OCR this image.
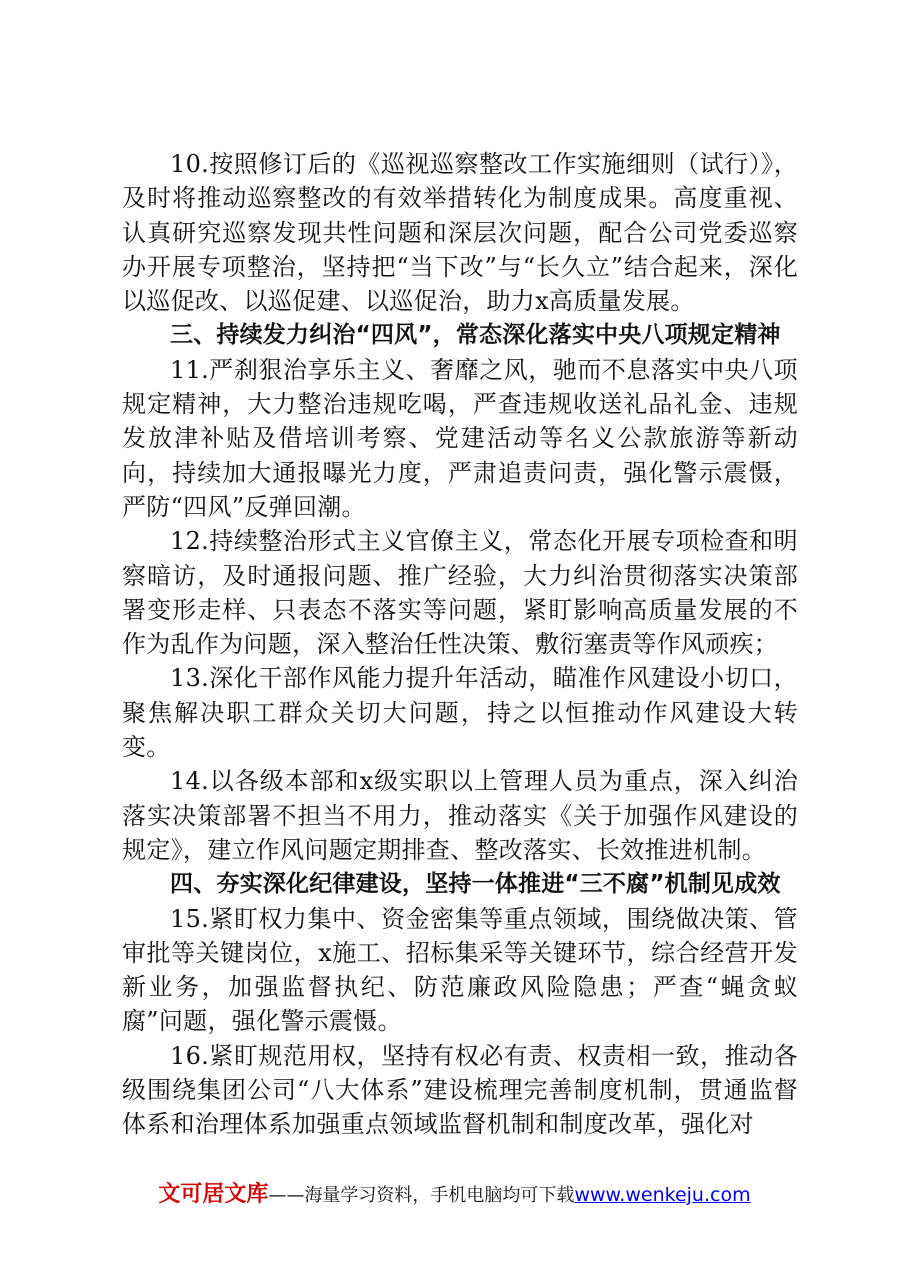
10.按照修订后的《巡视巡察整改工作实施细则（试行）》，及时将推动巡察整改的有效举措转化为制度成果。高度重视、认真研究巡察发现共性问题和深层次问题，配合公司党委巡察办开展专项整治，坚持把“当下改”与“长久立”结合起来，深化以巡促改、以巡促建、以巡促治，助力x高质量发展。

三、持续发力纠治“四风”，常态深化落实中央八项规定精神

11.严刹狠治享乐主义、奢靡之风，驰而不息落实中央八项规定精神，大力整治违规吃喝，严查违规收送礼品礼金、违规发放津补贴及借培训考察、党建活动等名义公款旅游等新动向，持续加大通报曝光力度，严肃追责问责，强化警示震慑，严防“四风”反弹回潮。

12.持续整治形式主义官僚主义，常态化开展专项检查和明察暗访，及时通报问题、推广经验，大力纠治贯彻落实决策部署变形走样、只表态不落实等问题，紧盯影响高质量发展的不作为乱作为问题，深入整治任性决策、敷衍塞责等作风顽疾；

13.深化干部作风能力提升年活动，瞄准作风建设小切口，聚焦解决职工群众关切大问题，持之以恒推动作风建设大转变。

14.以各级本部和x级实职以上管理人员为重点，深入纠治落实决策部署不担当不用力，推动落实《关于加强作风建设的规定》，建立作风问题定期排查、整改落实、长效推进机制。

四、夯实深化纪律建设，坚持一体推进“三不腐”机制见成效

15.紧盯权力集中、资金密集等重点领域，围绕做决策、管审批等关键岗位，x施工、招标集采等关键环节，综合经营开发新业务，加强监督执纪、防范廉政风险隐患；严查“蝇贪蚁腐”问题，强化警示震慑。

16.紧盯规范用权，坚持有权必有责、权责相一致，推动各级围绕集团公司“八大体系”建设梳理完善制度机制，贯通监督体系和治理体系加强重点领域监督机制和制度改革，强化对

文可居文库——海量学习资料，手机电脑均可下载www.wenkeju.com
